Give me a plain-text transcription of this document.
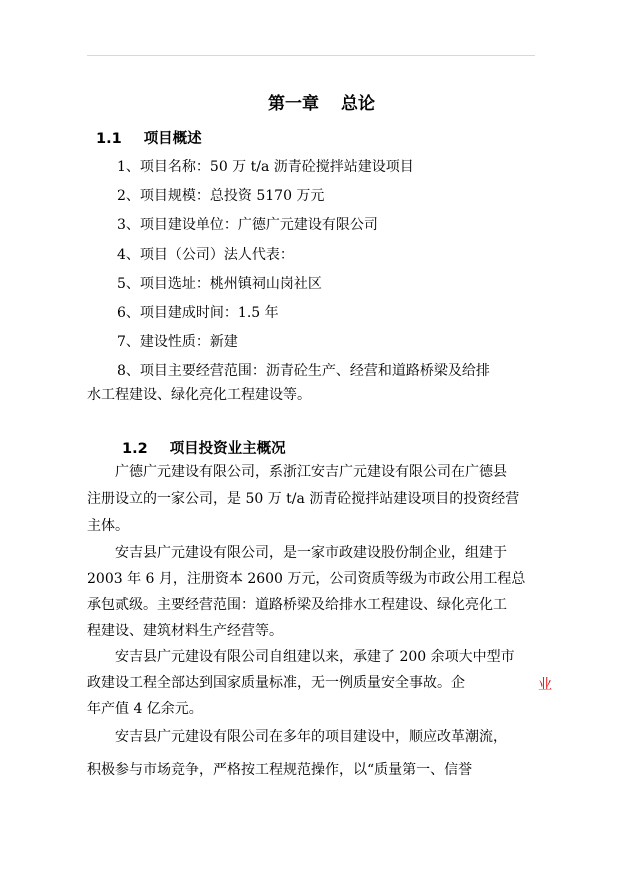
第一章 总论
1.1 项目概述
1、项目名称：50 万 t/a 沥青砼搅拌站建设项目
2、项目规模：总投资 5170 万元
3、项目建设单位：广德广元建设有限公司
4、项目（公司）法人代表：
5、项目选址：桃州镇祠山岗社区
6、项目建成时间：1.5 年
7、建设性质：新建
8、项目主要经营范围：沥青砼生产、经营和道路桥梁及给排
水工程建设、绿化亮化工程建设等。
1.2 项目投资业主概况
广德广元建设有限公司，系浙江安吉广元建设有限公司在广德县
注册设立的一家公司，是 50 万 t/a 沥青砼搅拌站建设项目的投资经营
主体。
安吉县广元建设有限公司，是一家市政建设股份制企业，组建于
2003 年 6 月，注册资本 2600 万元，公司资质等级为市政公用工程总
承包贰级。主要经营范围：道路桥梁及给排水工程建设、绿化亮化工
程建设、建筑材料生产经营等。
安吉县广元建设有限公司自组建以来，承建了 200 余项大中型市
政建设工程全部达到国家质量标准，无一例质量安全事故。企	业
年产值 4 亿余元。
安吉县广元建设有限公司在多年的项目建设中，顺应改革潮流，
积极参与市场竞争，严格按工程规范操作，以“质量第一、信誉
